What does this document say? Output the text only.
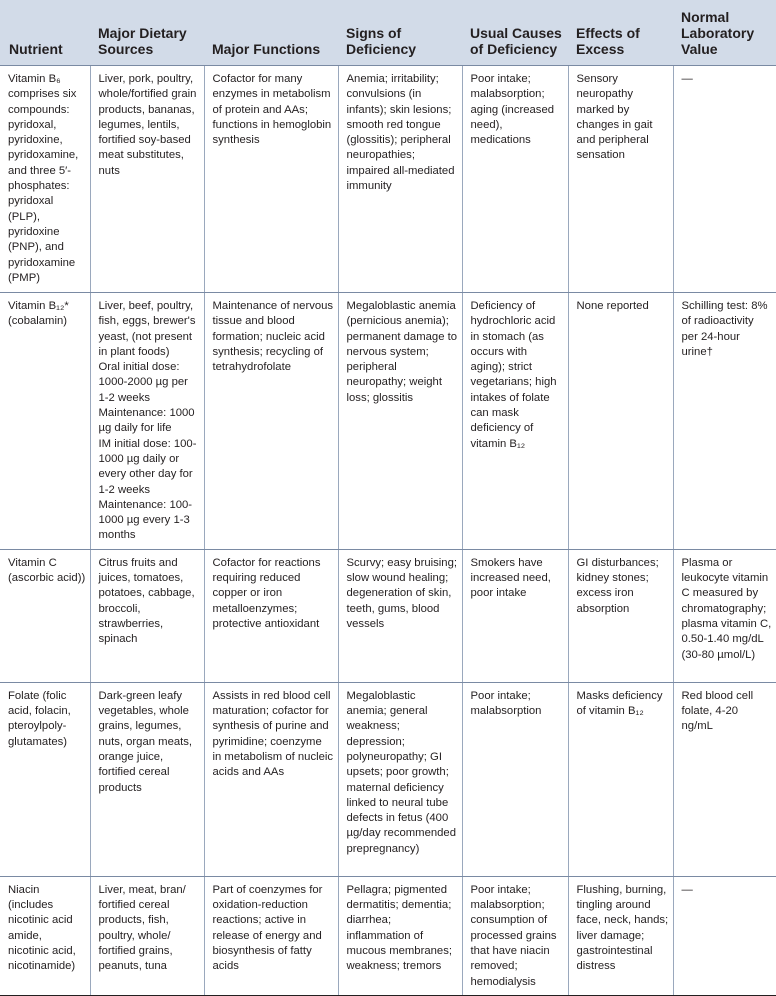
Nutrient	Major Dietary Sources	Major Functions	Signs of Deficiency	Usual Causes of Deficiency	Effects of Excess	Normal Laboratory Value
Vitamin B₆ comprises six compounds: pyridoxal, pyridoxine, pyridoxamine, and three 5′-phosphates: pyridoxal (PLP), pyridoxine (PNP), and pyridoxamine (PMP)	Liver, pork, poultry, whole/fortified grain products, bananas, legumes, lentils, fortified soy-based meat substitutes, nuts	Cofactor for many enzymes in metabolism of protein and AAs; functions in hemoglobin synthesis	Anemia; irritability; convulsions (in infants); skin lesions; smooth red tongue (glossitis); peripheral neuropathies; impaired all-mediated immunity	Poor intake; malabsorption; aging (increased need), medications	Sensory neuropathy marked by changes in gait and peripheral sensation	—
Vitamin B₁₂* (cobalamin)	Liver, beef, poultry, fish, eggs, brewer's yeast, (not present in plant foods)
Oral initial dose: 1000-2000 µg per 1-2 weeks
Maintenance: 1000 µg daily for life
IM initial dose: 100-1000 µg daily or every other day for 1-2 weeks
Maintenance: 100-1000 µg every 1-3 months	Maintenance of nervous tissue and blood formation; nucleic acid synthesis; recycling of tetrahydrofolate	Megaloblastic anemia (pernicious anemia); permanent damage to nervous system; peripheral neuropathy; weight loss; glossitis	Deficiency of hydrochloric acid in stomach (as occurs with aging); strict vegetarians; high intakes of folate can mask deficiency of vitamin B₁₂	None reported	Schilling test: 8% of radioactivity per 24-hour urine†
Vitamin C (ascorbic acid))	Citrus fruits and juices, tomatoes, potatoes, cabbage, broccoli, strawberries, spinach	Cofactor for reactions requiring reduced copper or iron metalloenzymes; protective antioxidant	Scurvy; easy bruising; slow wound healing; degeneration of skin, teeth, gums, blood vessels	Smokers have increased need, poor intake	GI disturbances; kidney stones; excess iron absorption	Plasma or leukocyte vitamin C measured by chromatography; plasma vitamin C, 0.50-1.40 mg/dL (30-80 µmol/L)
Folate (folic acid, folacin, pteroylpoly-glutamates)	Dark-green leafy vegetables, whole grains, legumes, nuts, organ meats, orange juice, fortified cereal products	Assists in red blood cell maturation; cofactor for synthesis of purine and pyrimidine; coenzyme in metabolism of nucleic acids and AAs	Megaloblastic anemia; general weakness; depression; polyneuropathy; GI upsets; poor growth; maternal deficiency linked to neural tube defects in fetus (400 µg/day recommended prepregnancy)	Poor intake; malabsorption	Masks deficiency of vitamin B₁₂	Red blood cell folate, 4-20 ng/mL
Niacin (includes nicotinic acid amide, nicotinic acid, nicotinamide)	Liver, meat, bran/ fortified cereal products, fish, poultry, whole/ fortified grains, peanuts, tuna	Part of coenzymes for oxidation-reduction reactions; active in release of energy and biosynthesis of fatty acids	Pellagra; pigmented dermatitis; dementia; diarrhea; inflammation of mucous membranes; weakness; tremors	Poor intake; malabsorption; consumption of processed grains that have niacin removed; hemodialysis	Flushing, burning, tingling around face, neck, hands; liver damage; gastrointestinal distress	—
